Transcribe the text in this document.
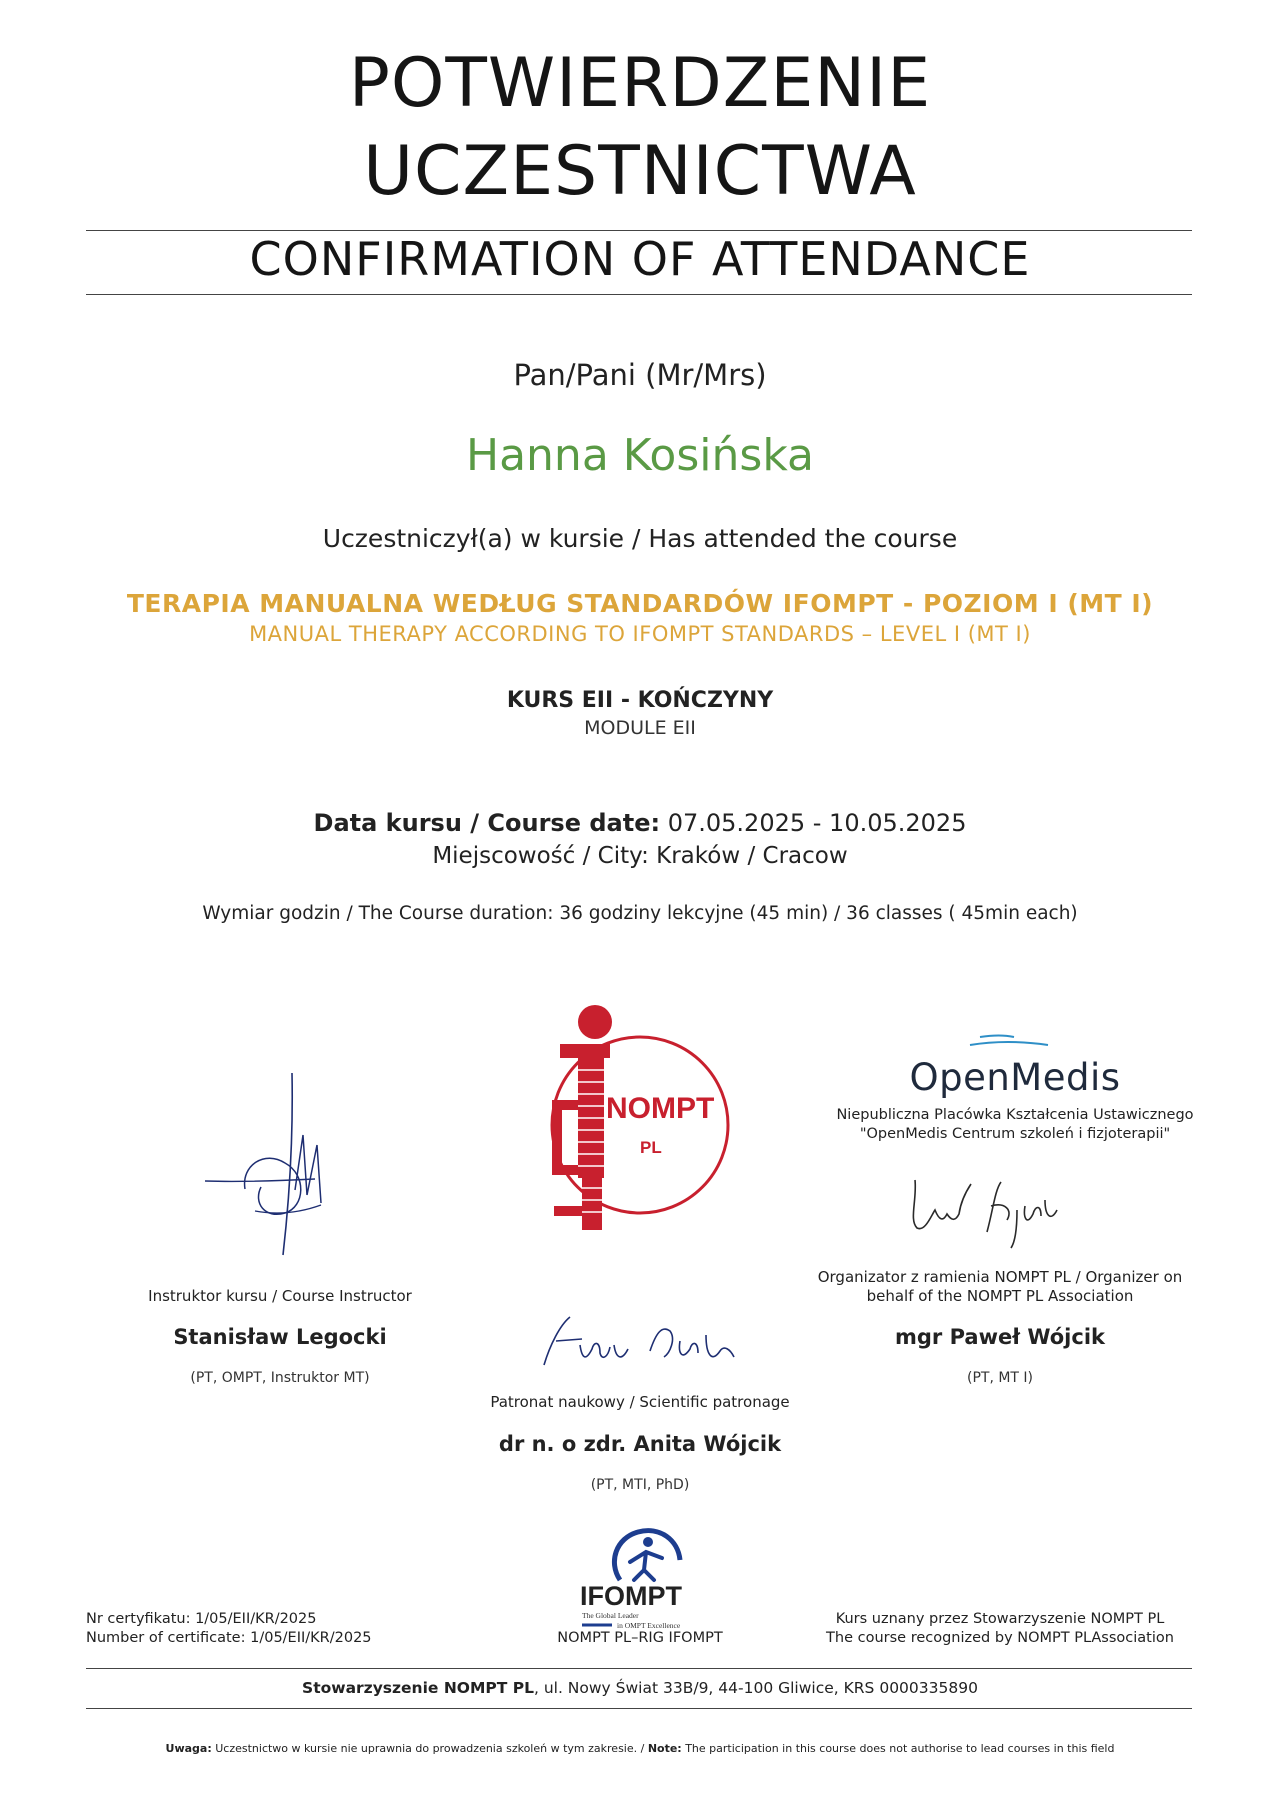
POTWIERDZENIE
UCZESTNICTWA
CONFIRMATION OF ATTENDANCE
Pan/Pani (Mr/Mrs)
Hanna Kosińska
Uczestniczył(a) w kursie / Has attended the course
TERAPIA MANUALNA WEDŁUG STANDARDÓW IFOMPT - POZIOM I (MT I)
MANUAL THERAPY ACCORDING TO IFOMPT STANDARDS – LEVEL I (MT I)
KURS EII - KOŃCZYNY
MODULE EII
Data kursu / Course date: 07.05.2025 - 10.05.2025
Miejscowość / City: Kraków / Cracow
Wymiar godzin / The Course duration: 36 godziny lekcyjne (45 min) / 36 classes ( 45min each)
NOMPT
PL
OpenMedis
Niepubliczna Placówka Kształcenia Ustawicznego
"OpenMedis Centrum szkoleń i fizjoterapii"
Instruktor kursu / Course Instructor
Stanisław Legocki
(PT, OMPT, Instruktor MT)
Organizator z ramienia NOMPT PL / Organizer on
behalf of the NOMPT PL Association
mgr Paweł Wójcik
(PT, MT I)
Patronat naukowy / Scientific patronage
dr n. o zdr. Anita Wójcik
(PT, MTI, PhD)
IFOMPT
The Global Leader
in OMPT Excellence
NOMPT PL–RIG IFOMPT
Nr certyfikatu: 1/05/EII/KR/2025
Number of certificate: 1/05/EII/KR/2025
Kurs uznany przez Stowarzyszenie NOMPT PL
The course recognized by NOMPT PLAssociation
Stowarzyszenie NOMPT PL, ul. Nowy Świat 33B/9, 44-100 Gliwice, KRS 0000335890
Uwaga: Uczestnictwo w kursie nie uprawnia do prowadzenia szkoleń w tym zakresie. / Note: The participation in this course does not authorise to lead courses in this field
